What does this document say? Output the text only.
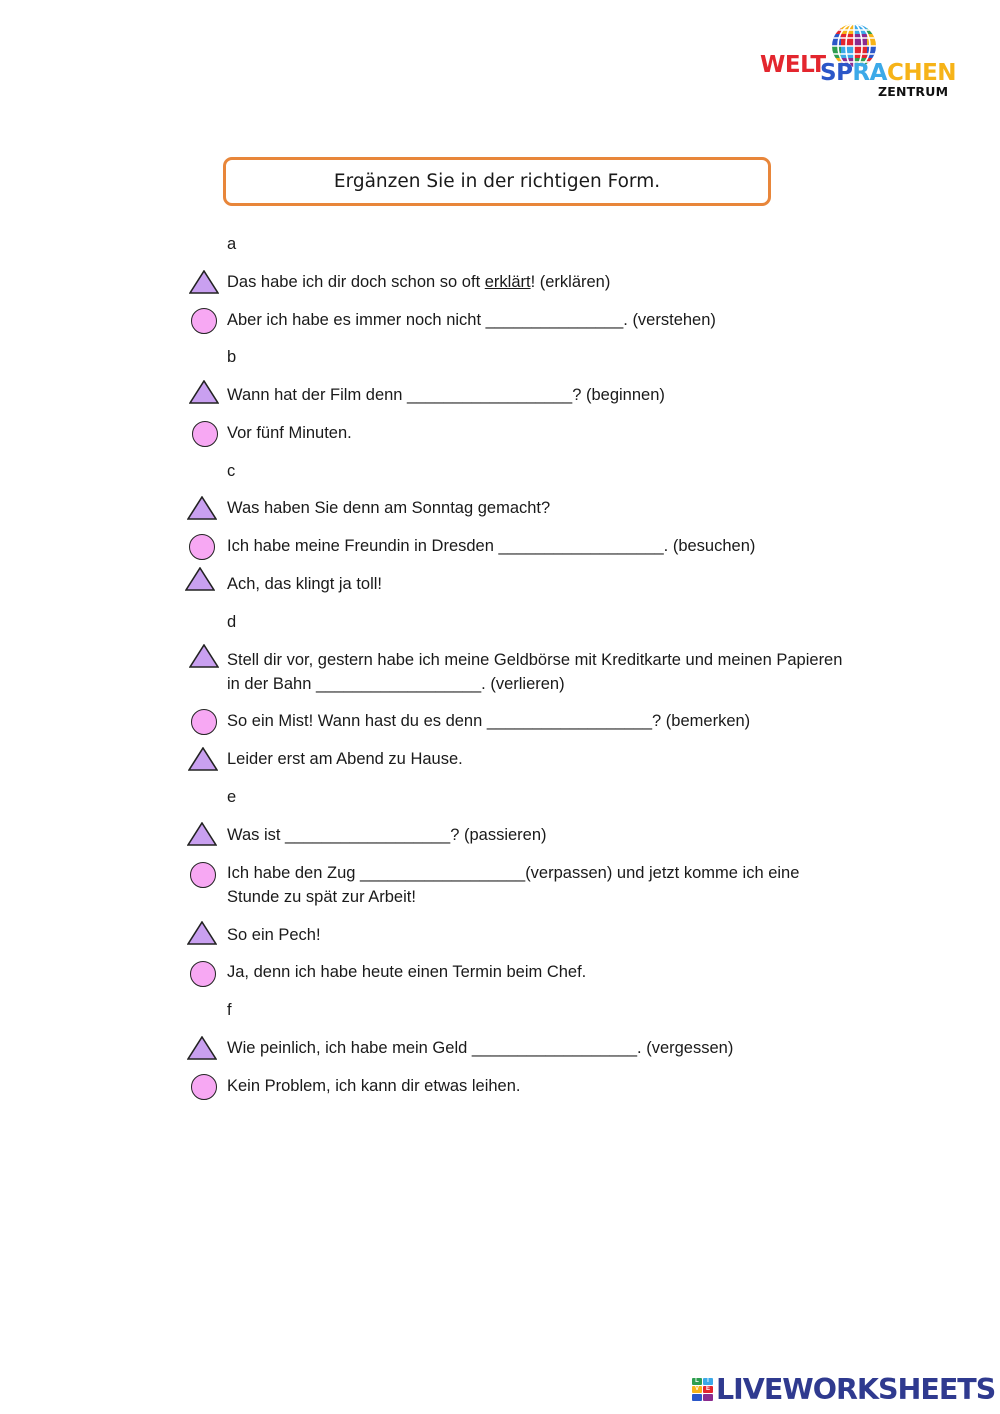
WELT
SPRACHEN
ZENTRUM
Ergänzen Sie in der richtigen Form.
a
Das habe ich dir doch schon so oft erklärt! (erklären)
Aber ich habe es immer noch nicht _______________. (verstehen)
b
Wann hat der Film denn __________________? (beginnen)
Vor fünf Minuten.
c
Was haben Sie denn am Sonntag gemacht?
Ich habe meine Freundin in Dresden __________________. (besuchen)
Ach, das klingt ja toll!
d
Stell dir vor, gestern habe ich meine Geldbörse mit Kreditkarte und meinen Papieren
in der Bahn __________________. (verlieren)
So ein Mist! Wann hast du es denn __________________? (bemerken)
Leider erst am Abend zu Hause.
e
Was ist __________________? (passieren)
Ich habe den Zug __________________(verpassen) und jetzt komme ich eine
Stunde zu spät zur Arbeit!
So ein Pech!
Ja, denn ich habe heute einen Termin beim Chef.
f
Wie peinlich, ich habe mein Geld __________________. (vergessen)
Kein Problem, ich kann dir etwas leihen.
L	I
V	E LIVEWORKSHEETS
